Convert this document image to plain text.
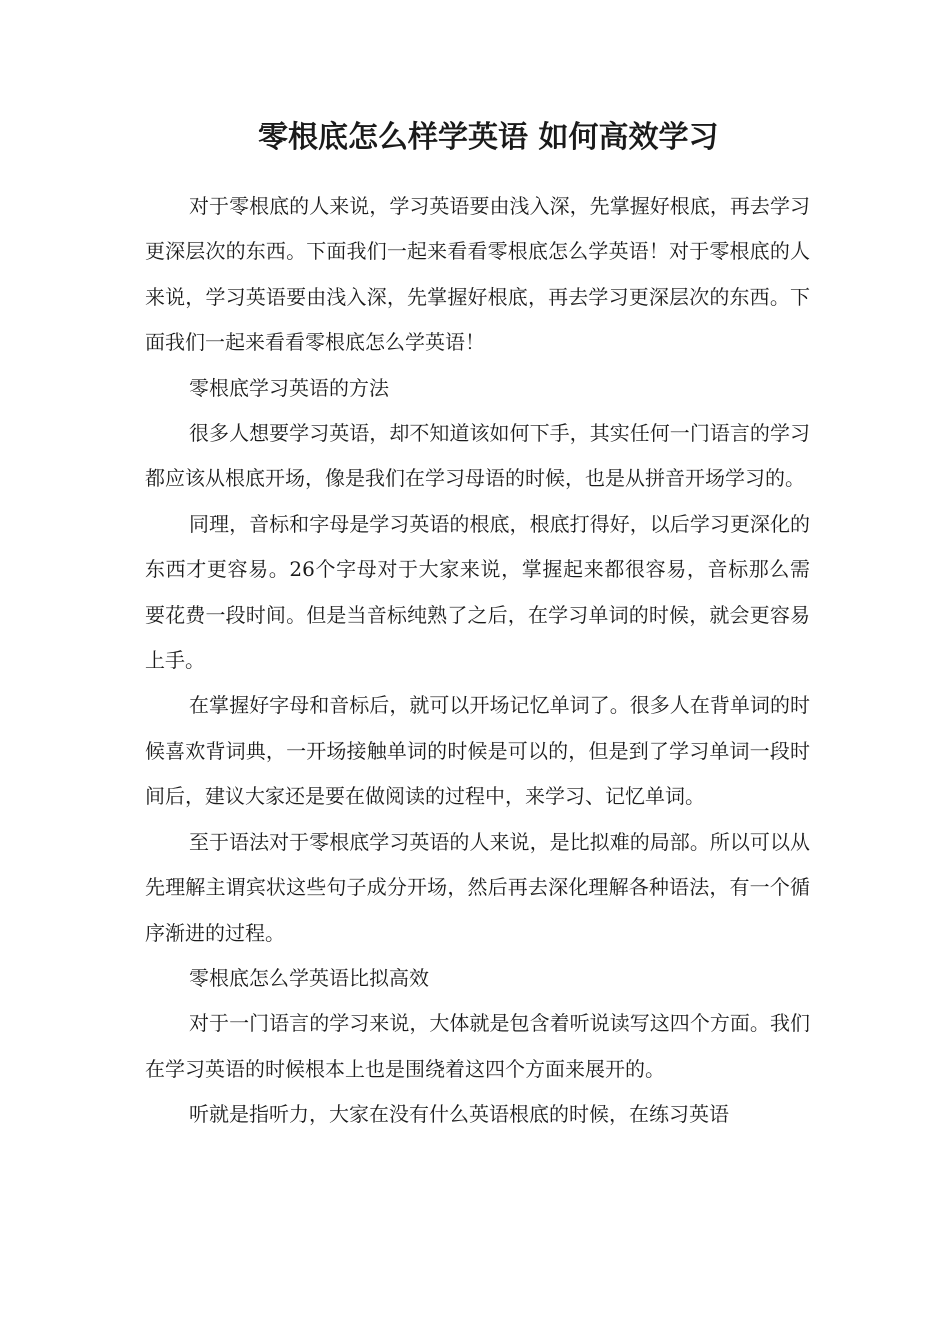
零根底怎么样学英语 如何高效学习

对于零根底的人来说，学习英语要由浅入深，先掌握好根底，再去学习更深层次的东西。下面我们一起来看看零根底怎么学英语！对于零根底的人来说，学习英语要由浅入深，先掌握好根底，再去学习更深层次的东西。下面我们一起来看看零根底怎么学英语！

零根底学习英语的方法

很多人想要学习英语，却不知道该如何下手，其实任何一门语言的学习都应该从根底开场，像是我们在学习母语的时候，也是从拼音开场学习的。

同理，音标和字母是学习英语的根底，根底打得好，以后学习更深化的东西才更容易。26个字母对于大家来说，掌握起来都很容易，音标那么需要花费一段时间。但是当音标纯熟了之后，在学习单词的时候，就会更容易上手。

在掌握好字母和音标后，就可以开场记忆单词了。很多人在背单词的时候喜欢背词典，一开场接触单词的时候是可以的，但是到了学习单词一段时间后，建议大家还是要在做阅读的过程中，来学习、记忆单词。

至于语法对于零根底学习英语的人来说，是比拟难的局部。所以可以从先理解主谓宾状这些句子成分开场，然后再去深化理解各种语法，有一个循序渐进的过程。

零根底怎么学英语比拟高效

对于一门语言的学习来说，大体就是包含着听说读写这四个方面。我们在学习英语的时候根本上也是围绕着这四个方面来展开的。

听就是指听力，大家在没有什么英语根底的时候，在练习英语
